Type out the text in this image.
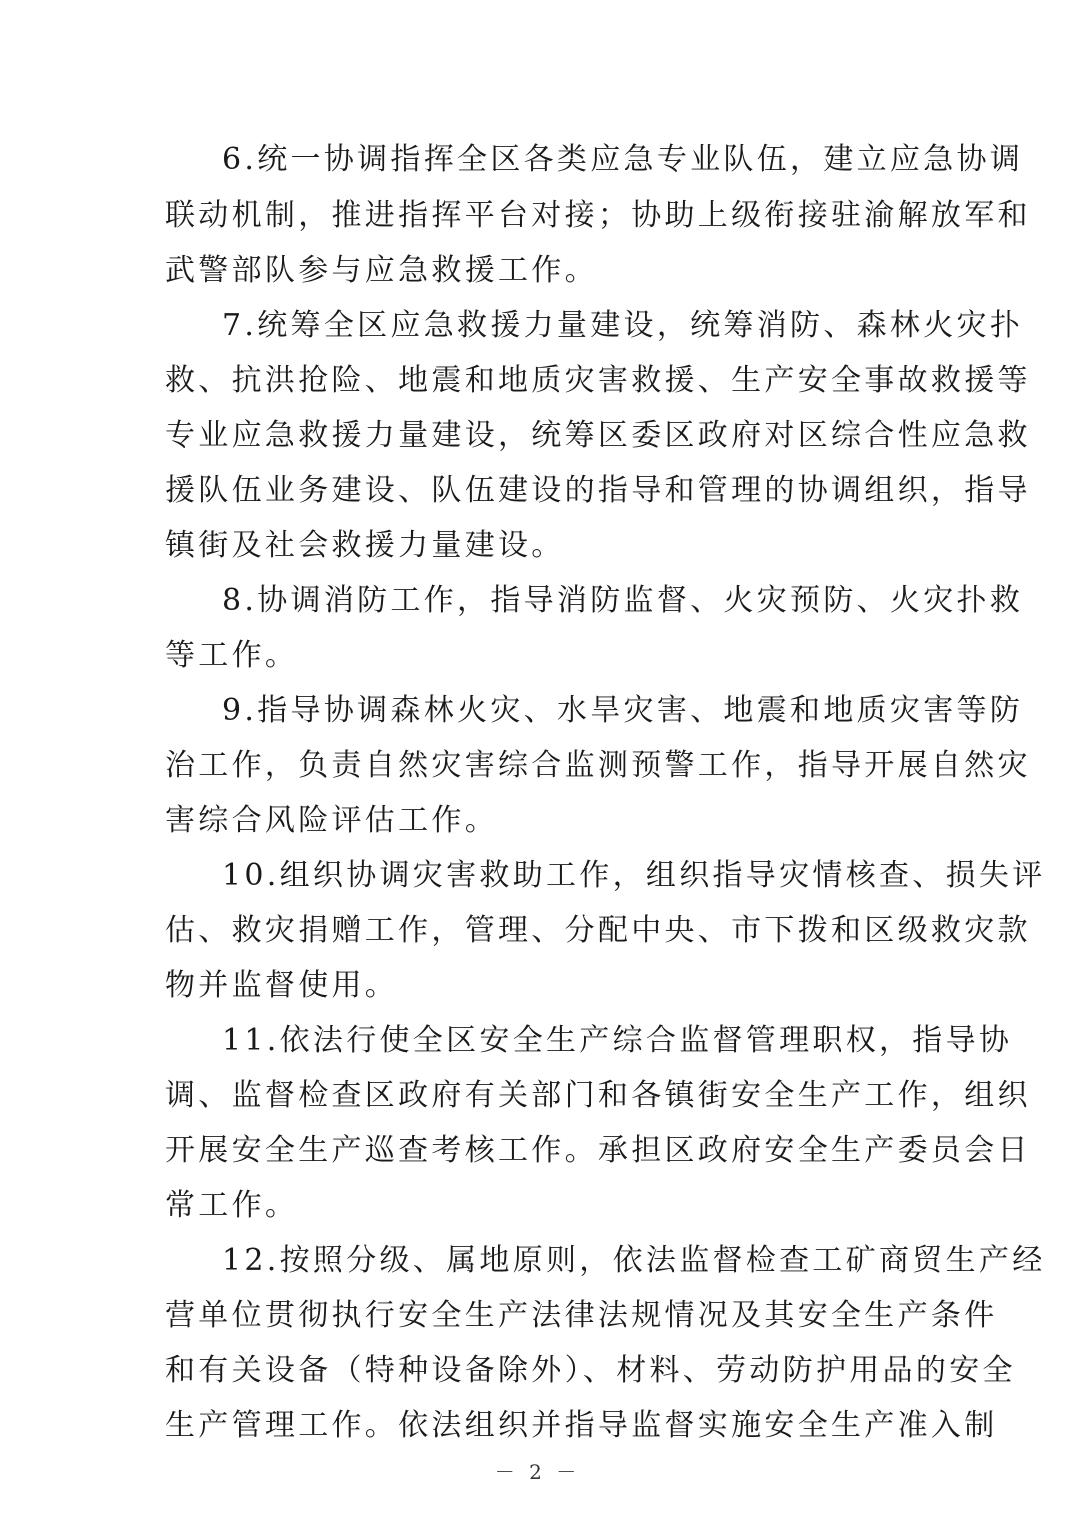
6.统一协调指挥全区各类应急专业队伍，建立应急协调
联动机制，推进指挥平台对接；协助上级衔接驻渝解放军和
武警部队参与应急救援工作。
7.统筹全区应急救援力量建设，统筹消防、森林火灾扑
救、抗洪抢险、地震和地质灾害救援、生产安全事故救援等
专业应急救援力量建设，统筹区委区政府对区综合性应急救
援队伍业务建设、队伍建设的指导和管理的协调组织，指导
镇街及社会救援力量建设。
8.协调消防工作，指导消防监督、火灾预防、火灾扑救
等工作。
9.指导协调森林火灾、水旱灾害、地震和地质灾害等防
治工作，负责自然灾害综合监测预警工作，指导开展自然灾
害综合风险评估工作。
10.组织协调灾害救助工作，组织指导灾情核查、损失评
估、救灾捐赠工作，管理、分配中央、市下拨和区级救灾款
物并监督使用。
11.依法行使全区安全生产综合监督管理职权，指导协
调、监督检查区政府有关部门和各镇街安全生产工作，组织
开展安全生产巡查考核工作。承担区政府安全生产委员会日
常工作。
12.按照分级、属地原则，依法监督检查工矿商贸生产经
营单位贯彻执行安全生产法律法规情况及其安全生产条件
和有关设备（特种设备除外）、材料、劳动防护用品的安全
生产管理工作。依法组织并指导监督实施安全生产准入制
－ 2 －
